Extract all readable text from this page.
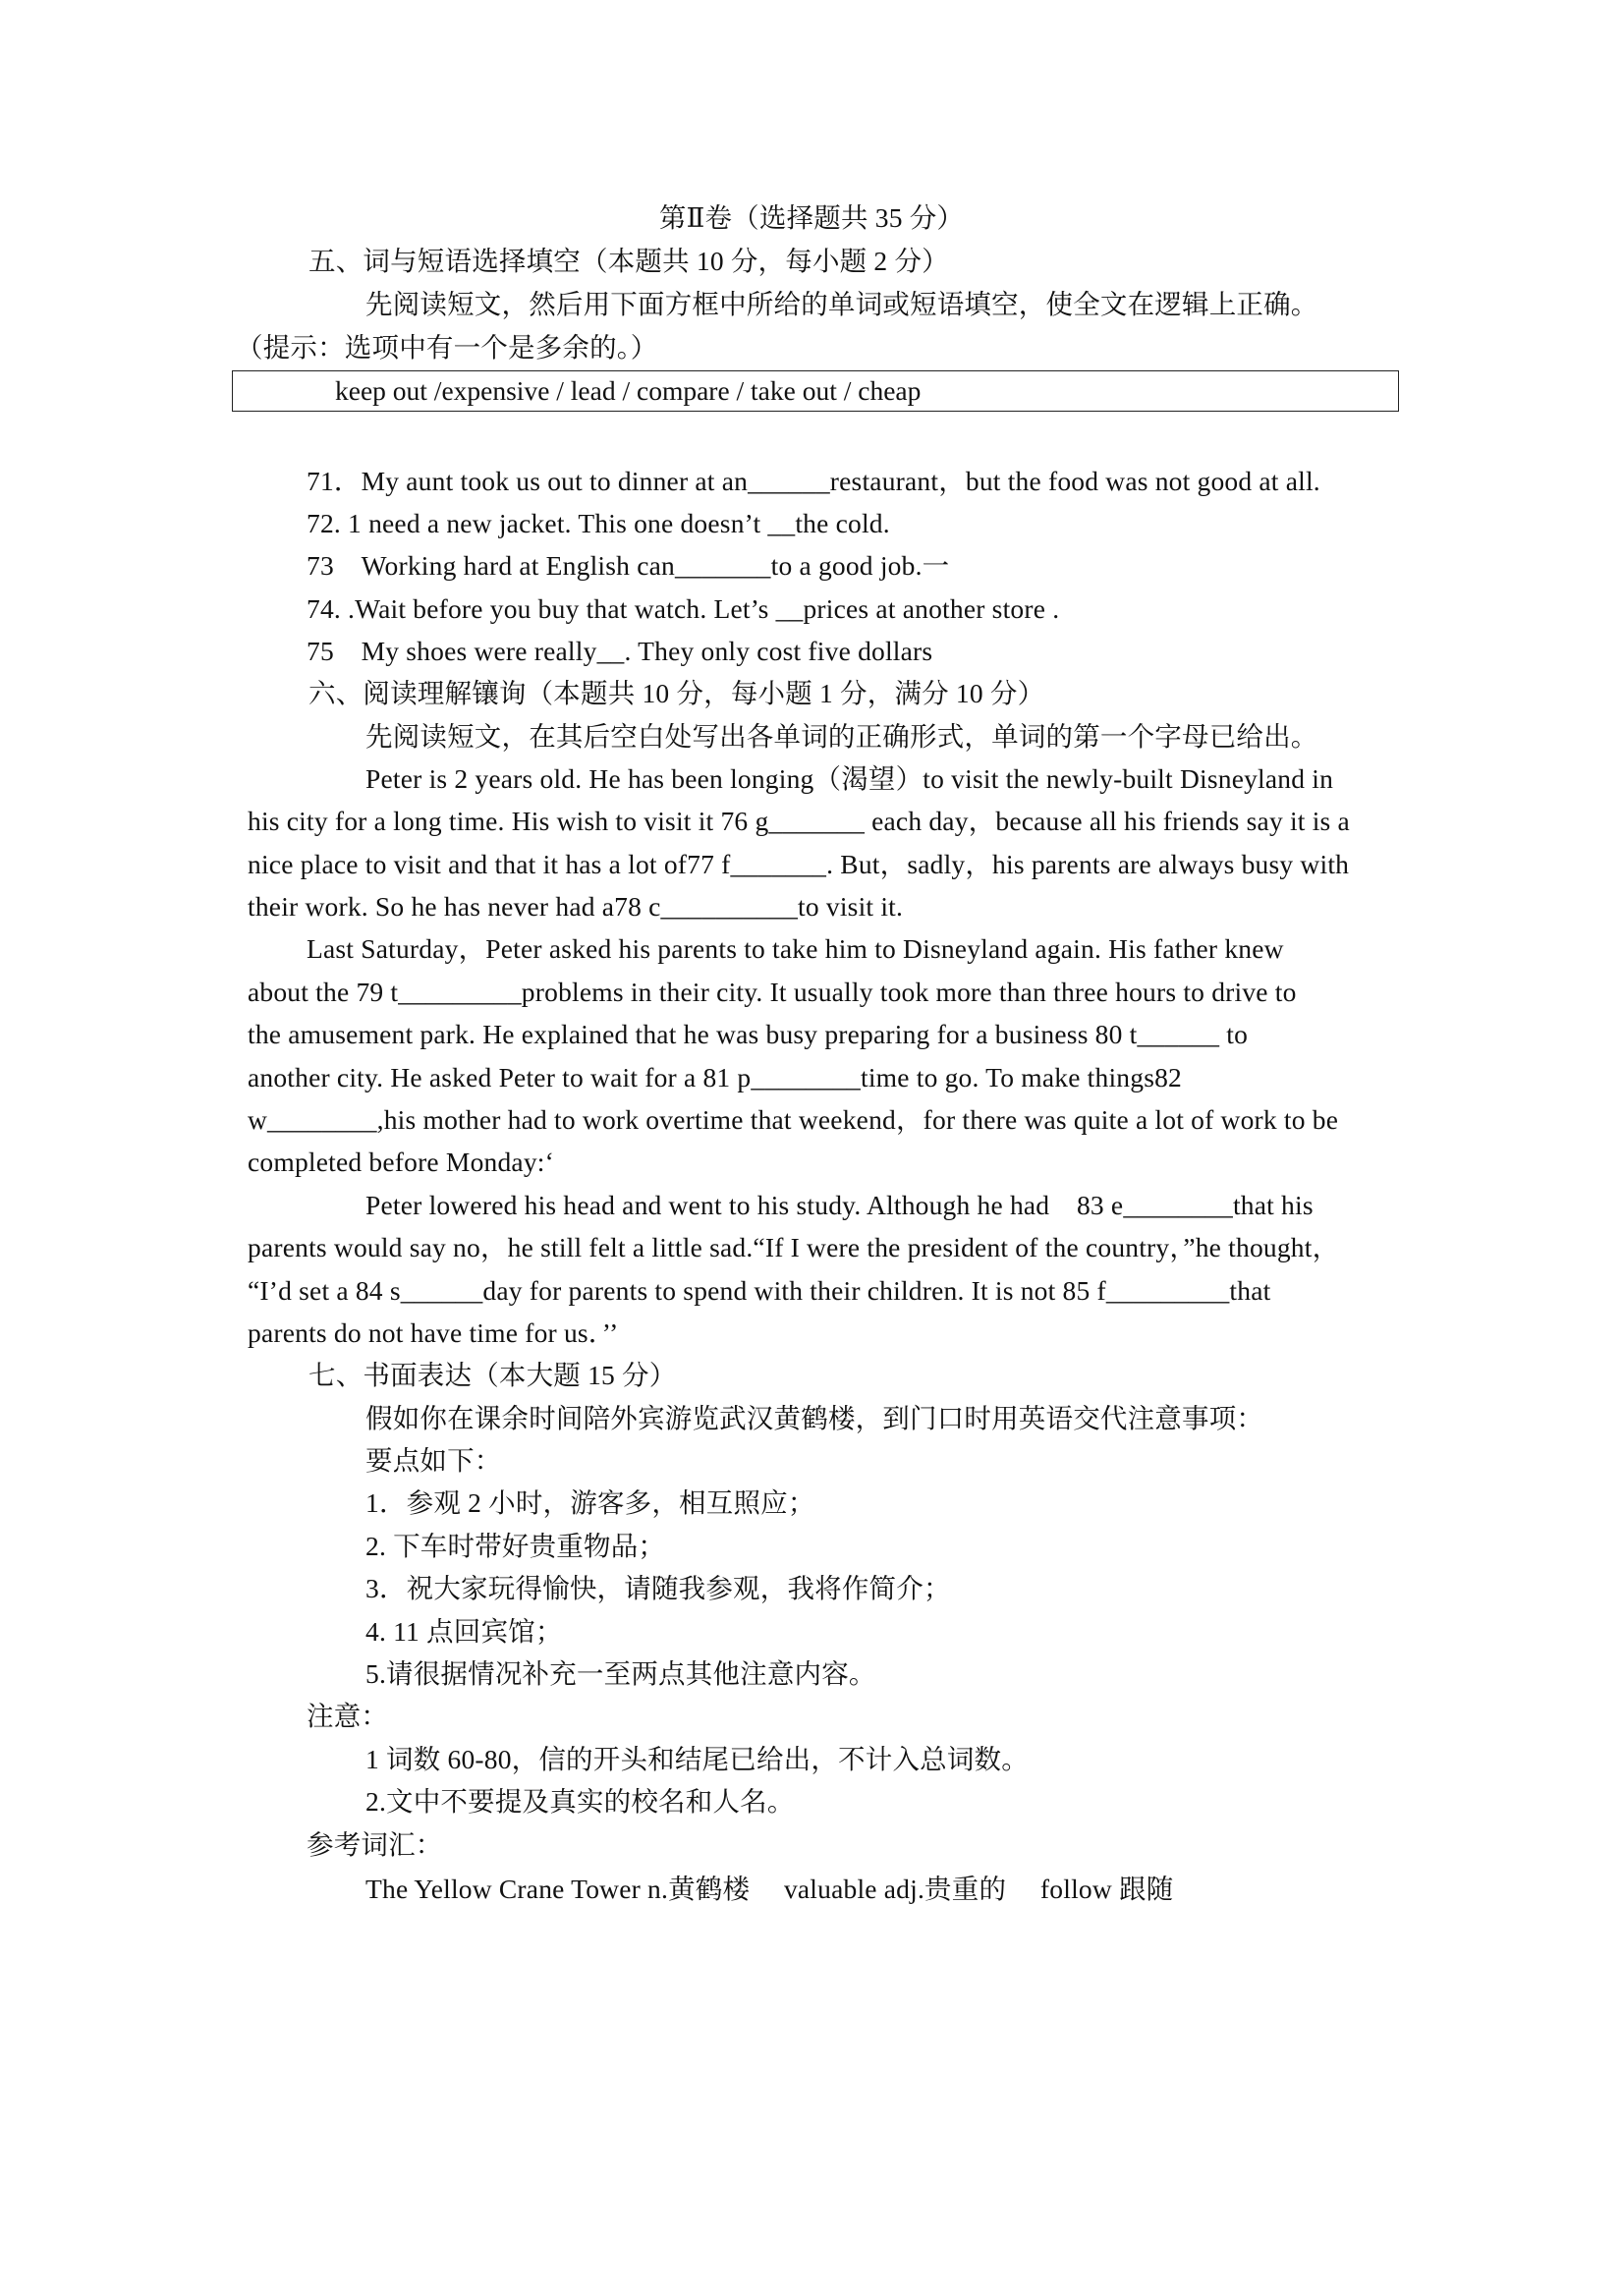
第Ⅱ卷（选择题共 35 分）
五、词与短语选择填空（本题共 10 分，每小题 2 分）
先阅读短文，然后用下面方框中所给的单词或短语填空，使全文在逻辑上正确。
（提示：选项中有一个是多余的。）
keep out /expensive / lead / compare / take out / cheap
71．My aunt took us out to dinner at an______restaurant，but the food was not good at all.
72. 1 need a new jacket. This one doesn’t __the cold.
73　Working hard at English can_______to a good job.一
74. .Wait before you buy that watch. Let’s __prices at another store .
75　My shoes were really__. They only cost five dollars
六、阅读理解镶询（本题共 10 分，每小题 1 分，满分 10 分）
先阅读短文，在其后空白处写出各单词的正确形式，单词的第一个字母已给出。
Peter is 2 years old. He has been longing（渴望）to visit the newly-built Disneyland in
his city for a long time. His wish to visit it 76 g_______ each day，because all his friends say it is a
nice place to visit and that it has a lot of77 f_______. But，sadly，his parents are always busy with
their work. So he has never had a78 c__________to visit it.
Last Saturday，Peter asked his parents to take him to Disneyland again. His father knew
about the 79 t_________problems in their city. It usually took more than three hours to drive to
the amusement park. He explained that he was busy preparing for a business 80 t______ to
another city. He asked Peter to wait for a 81 p________time to go. To make things82
w________,his mother had to work overtime that weekend，for there was quite a lot of work to be
completed before Monday:‘
Peter lowered his head and went to his study. Although he had　83 e________that his
parents would say no，he still felt a little sad.“If I were the president of the country，”he thought，
“I’d set a 84 s______day for parents to spend with their children. It is not 85 f_________that
parents do not have time for us．’’
七、书面表达（本大题 15 分）
假如你在课余时间陪外宾游览武汉黄鹤楼，到门口时用英语交代注意事项：
要点如下：
1．参观 2 小时，游客多，相互照应；
2. 下车时带好贵重物品；
3．祝大家玩得愉快，请随我参观，我将作简介；
4. 11 点回宾馆；
5.请很据情况补充一至两点其他注意内容。
注意：
1 词数 60-80，信的开头和结尾已给出，不计入总词数。
2.文中不要提及真实的校名和人名。
参考词汇：
The Yellow Crane Tower n.黄鹤楼　 valuable adj.贵重的　 follow 跟随
